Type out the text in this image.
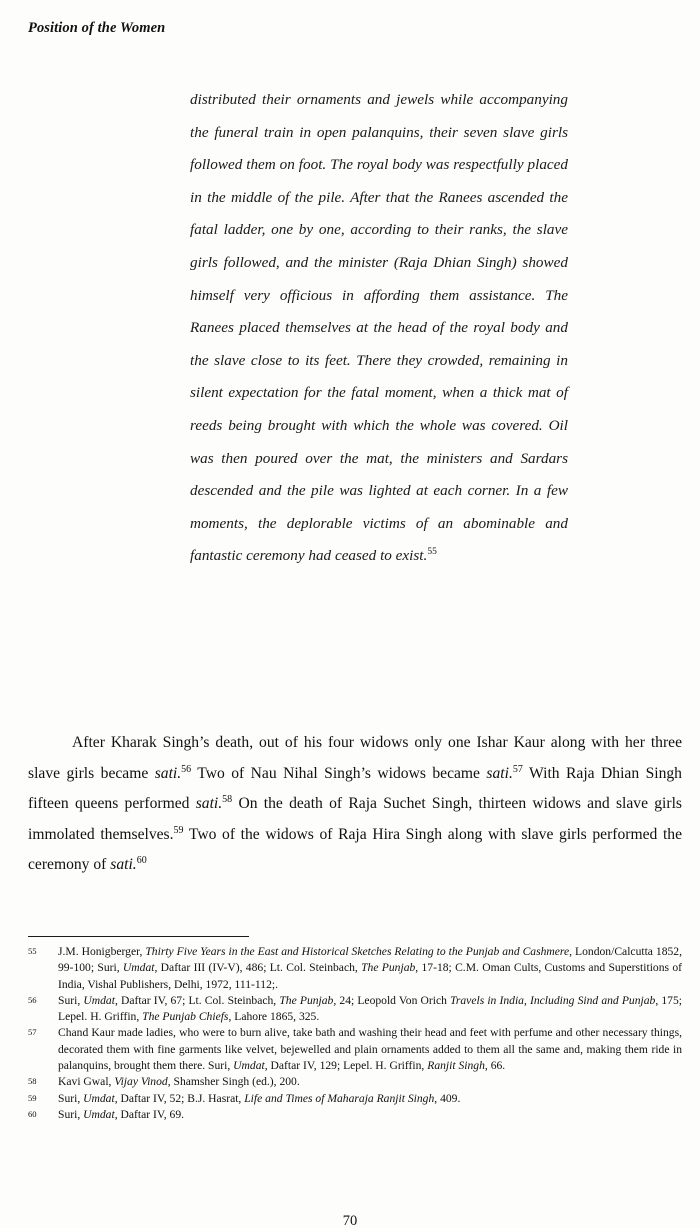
Position of the Women

distributed their ornaments and jewels while accompanying the funeral train in open palanquins, their seven slave girls followed them on foot. The royal body was respectfully placed in the middle of the pile. After that the Ranees ascended the fatal ladder, one by one, according to their ranks, the slave girls followed, and the minister (Raja Dhian Singh) showed himself very officious in affording them assistance. The Ranees placed themselves at the head of the royal body and the slave close to its feet. There they crowded, remaining in silent expectation for the fatal moment, when a thick mat of reeds being brought with which the whole was covered. Oil was then poured over the mat, the ministers and Sardars descended and the pile was lighted at each corner. In a few moments, the deplorable victims of an abominable and fantastic ceremony had ceased to exist.$^{55}$

After Kharak Singh’s death, out of his four widows only one Ishar Kaur along with her three slave girls became sati.$^{56}$ Two of Nau Nihal Singh’s widows became sati.$^{57}$ With Raja Dhian Singh fifteen queens performed sati.$^{58}$ On the death of Raja Suchet Singh, thirteen widows and slave girls immolated themselves.$^{59}$ Two of the widows of Raja Hira Singh along with slave girls performed the ceremony of sati.$^{60}$

55	J.M. Honigberger, Thirty Five Years in the East and Historical Sketches Relating to the Punjab and Cashmere, London/Calcutta 1852, 99-100; Suri, Umdat, Daftar III (IV-V), 486; Lt. Col. Steinbach, The Punjab, 17-18; C.M. Oman Cults, Customs and Superstitions of India, Vishal Publishers, Delhi, 1972, 111-112;.
56	Suri, Umdat, Daftar IV, 67; Lt. Col. Steinbach, The Punjab, 24; Leopold Von Orich Travels in India, Including Sind and Punjab, 175; Lepel. H. Griffin, The Punjab Chiefs, Lahore 1865, 325.
57	Chand Kaur made ladies, who were to burn alive, take bath and washing their head and feet with perfume and other necessary things, decorated them with fine garments like velvet, bejewelled and plain ornaments added to them all the same and, making them ride in palanquins, brought them there. Suri, Umdat, Daftar IV, 129; Lepel. H. Griffin, Ranjit Singh, 66.
58	Kavi Gwal, Vijay Vinod, Shamsher Singh (ed.), 200.
59	Suri, Umdat, Daftar IV, 52; B.J. Hasrat, Life and Times of Maharaja Ranjit Singh, 409.
60	Suri, Umdat, Daftar IV, 69.
70
